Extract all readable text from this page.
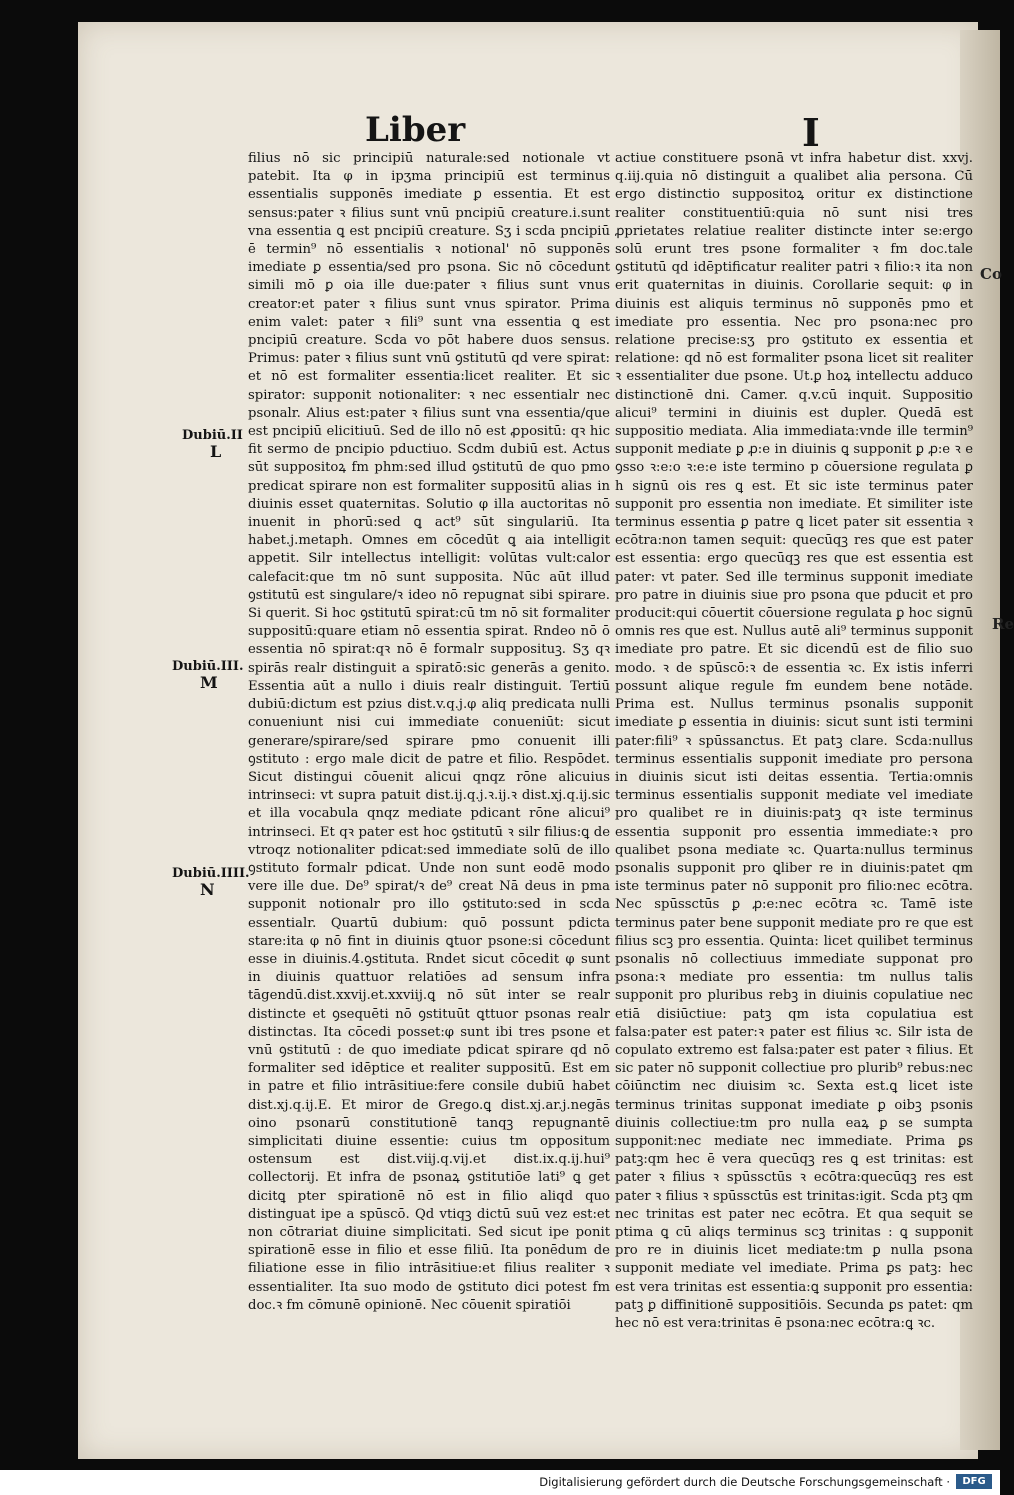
Co
Re
Liber	I
Dubiū.II
L
Dubiū.III.
M
Dubiū.IIII.
N

filius nō sic principiū naturale:sed notionale vt patebit. Ita φ in ipʒma principiū est terminus essentialis supponēs imediate ꝑ essentia. Et est sensus:pater ꝛ filius sunt vnū pncipiū creature.i.sunt vna essentia ꝗ est pncipiū creature. Sʒ i scda pncipiū ē termin⁹ nō essentialis ꝛ notional' nō supponēs imediate ꝑ essentia/sed pro psona. Sic nō cōcedunt simili mō ꝑ oia ille due:pater ꝛ filius sunt vnus creator:et pater ꝛ filius sunt vnus spirator. Prima enim valet: pater ꝛ fili⁹ sunt vna essentia ꝗ est pncipiū creature. Scda vo pōt habere duos sensus. Primus: pater ꝛ filius sunt vnū ꝯstitutū qd vere spirat: et nō est formaliter essentia:licet realiter. Et sic spirator: supponit notionaliter: ꝛ nec essentialr nec psonalr. Alius est:pater ꝛ filius sunt vna essentia/que est pncipiū elicitiuū. Sed de illo nō est ꝓpositū: qꝛ hic fit sermo de pncipio pductiuo. Scdm dubiū est. Actus sūt suppositoꝝ fm phm:sed illud ꝯstitutū de quo pmo predicat spirare non est formaliter suppositū alias in diuinis esset quaternitas. Solutio φ illa auctoritas nō inuenit in phorū:sed ꝗ act⁹ sūt singulariū. Ita habet.j.metaph. Omnes em cōcedūt ꝗ aia intelligit appetit. Silr intellectus intelligit: volūtas vult:calor calefacit:que tm nō sunt supposita. Nūc aūt illud ꝯstitutū est singulare/ꝛ ideo nō repugnat sibi spirare. Si querit. Si hoc ꝯstitutū spirat:cū tm nō sit formaliter suppositū:quare etiam nō essentia spirat. Rndeo nō ō essentia nō spirat:qꝛ nō ē formalr supposituꝫ. Sʒ qꝛ spirās realr distinguit a spiratō:sic generās a genito. Essentia aūt a nullo i diuis realr distinguit. Tertiū dubiū:dictum est pzius dist.v.q.j.φ aliq predicata nulli conueniunt nisi cui immediate conueniūt: sicut generare/spirare/sed spirare pmo conuenit illi ꝯstituto : ergo male dicit de patre et filio. Respōdet. Sicut distingui cōuenit alicui qnqz rōne alicuius intrinseci: vt supra patuit dist.ij.q.j.ꝛ.ij.ꝛ dist.xj.q.ij.sic et illa vocabula qnqz mediate pdicant rōne alicui⁹ intrinseci. Et qꝛ pater est hoc ꝯstitutū ꝛ silr filius:ꝗ de vtroqz notionaliter pdicat:sed immediate solū de illo ꝯstituto formalr pdicat. Unde non sunt eodē modo vere ille due. De⁹ spirat/ꝛ de⁹ creat Nā deus in pma supponit notionalr pro illo ꝯstituto:sed in scda essentialr. Quartū dubium: quō possunt pdicta stare:ita φ nō fint in diuinis ꝗtuor psone:si cōcedunt esse in diuinis.4.ꝯstituta. Rndet sicut cōcedit φ sunt in diuinis quattuor relatiōes ad sensum infra tāgendū.dist.xxvij.et.xxviij.ꝗ nō sūt inter se realr distincte et ꝯsequēti nō ꝯstituūt ꝗttuor psonas realr distinctas. Ita cōcedi posset:φ sunt ibi tres psone et vnū ꝯstitutū : de quo imediate pdicat spirare qd nō formaliter sed idēptice et realiter suppositū. Est em in patre et filio intrāsitiue:fere consile dubiū habet dist.xj.q.ij.E. Et miror de Grego.ꝗ dist.xj.ar.j.negās oino psonarū constitutionē tanqꝫ repugnantē simplicitati diuine essentie: cuius tm oppositum ostensum est dist.viij.q.vij.et dist.ix.q.ij.hui⁹ collectorij. Et infra de psonaꝝ ꝯstitutiōe lati⁹ ꝗ get dicitꝗ pter spirationē nō est in filio aliqd quo distinguat ipe a spūscō. Qd vtiqꝫ dictū suū vez est:et non cōtrariat diuine simplicitati. Sed sicut ipe ponit spirationē esse in filio et esse filiū. Ita ponēdum de filiatione esse in filio intrāsitiue:et filius realiter ꝛ essentialiter. Ita suo modo de ꝯstituto dici potest fm doc.ꝛ fm cōmunē opinionē. Nec cōuenit spiratiōi

actiue constituere psonā vt infra habetur dist. xxvj. q.iij.quia nō distinguit a qualibet alia persona. Cū ergo distinctio suppositoꝝ oritur ex distinctione realiter constituentiū:quia nō sunt nisi tres ꝓprietates relatiue realiter distincte inter se:ergo solū erunt tres psone formaliter ꝛ fm doc.tale ꝯstitutū qd idēptificatur realiter patri ꝛ filio:ꝛ ita non erit quaternitas in diuinis. Corollarie sequit: φ in diuinis est aliquis terminus nō supponēs pmo et imediate pro essentia. Nec pro psona:nec pro relatione precise:sʒ pro ꝯstituto ex essentia et relatione: qd nō est formaliter psona licet sit realiter ꝛ essentialiter due psone. Ut.ꝑ hoꝝ intellectu adduco distinctionē dni. Camer. q.v.cū inquit. Suppositio alicui⁹ termini in diuinis est dupler. Quedā est suppositio mediata. Alia immediata:vnde ille termin⁹ supponit mediate ꝑ ꝓ:e in diuinis ꝗ supponit ꝑ ꝓ:e ꝛ e ꝯsso ꝛ:e:o ꝛ:e:e iste termino p cōuersione regulata ꝑ h signū ois res ꝗ est. Et sic iste terminus pater supponit pro essentia non imediate. Et similiter iste terminus essentia ꝑ patre ꝗ licet pater sit essentia ꝛ ecōtra:non tamen sequit: quecūqꝫ res que est pater est essentia: ergo quecūqꝫ res que est essentia est pater: vt pater. Sed ille terminus supponit imediate pro patre in diuinis siue pro psona que pducit et pro producit:qui cōuertit cōuersione regulata ꝑ hoc signū omnis res que est. Nullus autē ali⁹ terminus supponit imediate pro patre. Et sic dicendū est de filio suo modo. ꝛ de spūscō:ꝛ de essentia ꝛc. Ex istis inferri possunt alique regule fm eundem bene notāde. Prima est. Nullus terminus psonalis supponit imediate ꝑ essentia in diuinis: sicut sunt isti termini pater:fili⁹ ꝛ spūssanctus. Et patꝫ clare. Scda:nullus terminus essentialis supponit imediate pro persona in diuinis sicut isti deitas essentia. Tertia:omnis terminus essentialis supponit mediate vel imediate pro qualibet re in diuinis:patꝫ qꝛ iste terminus essentia supponit pro essentia immediate:ꝛ pro qualibet psona mediate ꝛc. Quarta:nullus terminus psonalis supponit pro ꝗliber re in diuinis:patet qm iste terminus pater nō supponit pro filio:nec ecōtra. Nec spūssctūs ꝑ ꝓ:e:nec ecōtra ꝛc. Tamē iste terminus pater bene supponit mediate pro re que est filius scꝫ pro essentia. Quinta: licet quilibet terminus psonalis nō collectiuus immediate supponat pro psona:ꝛ mediate pro essentia: tm nullus talis supponit pro pluribus rebꝫ in diuinis copulatiue nec etiā disiūctiue: patꝫ qm ista copulatiua est falsa:pater est pater:ꝛ pater est filius ꝛc. Silr ista de copulato extremo est falsa:pater est pater ꝛ filius. Et sic pater nō supponit collectiue pro plurib⁹ rebus:nec cōiūnctim nec diuisim ꝛc. Sexta est.ꝗ licet iste terminus trinitas supponat imediate ꝑ oibꝫ psonis diuinis collectiue:tm pro nulla eaꝝ ꝑ se sumpta supponit:nec mediate nec immediate. Prima ꝑs patꝫ:qm hec ē vera quecūqꝫ res ꝗ est trinitas: est pater ꝛ filius ꝛ spūssctūs ꝛ ecōtra:quecūqꝫ res est pater ꝛ filius ꝛ spūssctūs est trinitas:igit. Scda ptꝫ qm nec trinitas est pater nec ecōtra. Et qua sequit se ptima ꝗ cū aliqs terminus scꝫ trinitas : ꝗ supponit pro re in diuinis licet mediate:tm ꝑ nulla psona supponit mediate vel imediate. Prima ꝑs patꝫ: hec est vera trinitas est essentia:ꝗ supponit pro essentia: patꝫ ꝑ diffinitionē suppositiōis. Secunda ꝑs patet: qm hec nō est vera:trinitas ē psona:nec ecōtra:ꝗ ꝛc.

Digitalisierung gefördert durch die Deutsche Forschungsgemeinschaft ·	DFG
